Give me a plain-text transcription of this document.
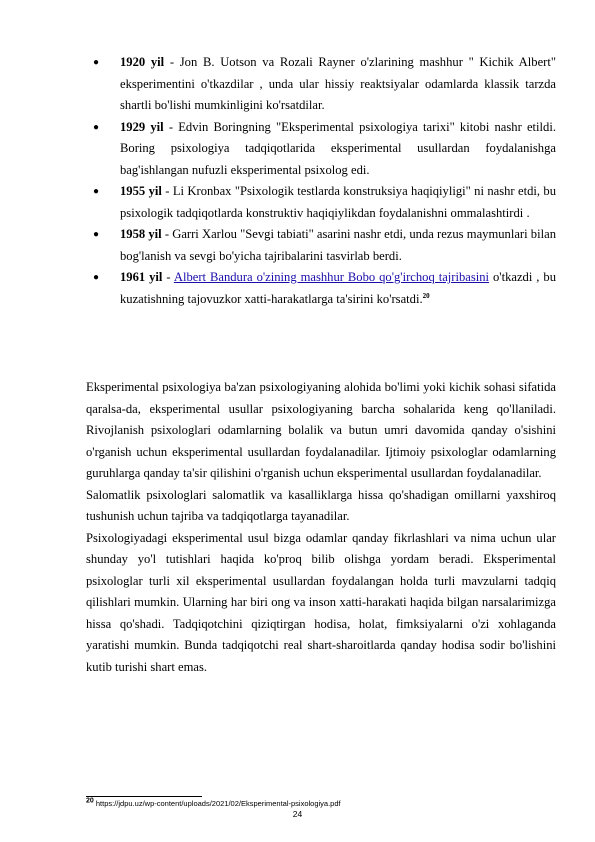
● 1920 yil - Jon B. Uotson va Rozali Rayner o'zlarining mashhur " Kichik Albert" eksperimentini o'tkazdilar , unda ular hissiy reaktsiyalar odamlarda klassik tarzda shartli bo'lishi mumkinligini ko'rsatdilar.
● 1929 yil - Edvin Boringning "Eksperimental psixologiya tarixi" kitobi nashr etildi. Boring psixologiya tadqiqotlarida eksperimental usullardan foydalanishga bag'ishlangan nufuzli eksperimental psixolog edi.
● 1955 yil - Li Kronbax "Psixologik testlarda konstruksiya haqiqiyligi" ni nashr etdi, bu psixologik tadqiqotlarda konstruktiv haqiqiylikdan foydalanishni ommalashtirdi .
● 1958 yil - Garri Xarlou "Sevgi tabiati" asarini nashr etdi, unda rezus maymunlari bilan bog'lanish va sevgi bo'yicha tajribalarini tasvirlab berdi.
● 1961 yil - Albert Bandura o'zining mashhur Bobo qo'g'irchoq tajribasini o'tkazdi , bu kuzatishning tajovuzkor xatti-harakatlarga ta'sirini ko'rsatdi.$^{20}$

Eksperimental psixologiya ba'zan psixologiyaning alohida bo'limi yoki kichik sohasi sifatida qaralsa-da, eksperimental usullar psixologiyaning barcha sohalarida keng qo'llaniladi. Rivojlanish psixologlari odamlarning bolalik va butun umri davomida qanday o'sishini o'rganish uchun eksperimental usullardan foydalanadilar. Ijtimoiy psixologlar odamlarning guruhlarga qanday ta'sir qilishini o'rganish uchun eksperimental usullardan foydalanadilar.

Salomatlik psixologlari salomatlik va kasalliklarga hissa qo'shadigan omillarni yaxshiroq tushunish uchun tajriba va tadqiqotlarga tayanadilar.

Psixologiyadagi eksperimental usul bizga odamlar qanday fikrlashlari va nima uchun ular shunday yo'l tutishlari haqida ko'proq bilib olishga yordam beradi. Eksperimental psixologlar turli xil eksperimental usullardan foydalangan holda turli mavzularni tadqiq qilishlari mumkin. Ularning har biri ong va inson xatti-harakati haqida bilgan narsalarimizga hissa qo'shadi. Tadqiqotchini qiziqtirgan hodisa, holat, fimksiyalarni o'zi xohlaganda yaratishi mumkin. Bunda tadqiqotchi real shart-sharoitlarda qanday hodisa sodir bo'lishini kutib turishi shart emas.

$^{20}$ https://jdpu.uz/wp-content/uploads/2021/02/Eksperimental-psixologiya.pdf
24
